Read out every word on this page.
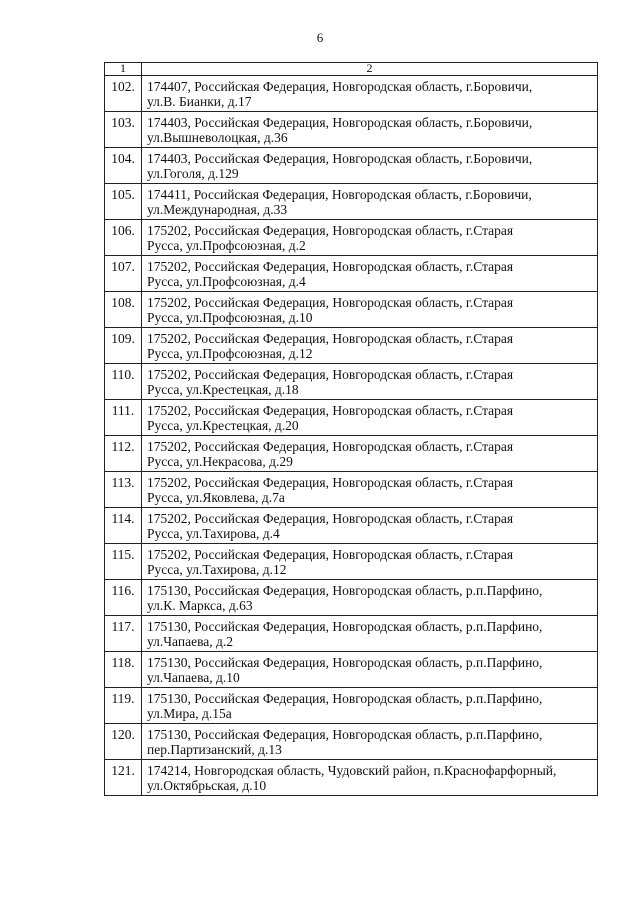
6
1	2
102.	174407, Российская Федерация, Новгородская область, г.Боровичи,
ул.В. Бианки, д.17

103.	174403, Российская Федерация, Новгородская область, г.Боровичи,
ул.Вышневолоцкая, д.36

104.	174403, Российская Федерация, Новгородская область, г.Боровичи,
ул.Гоголя, д.129

105.	174411, Российская Федерация, Новгородская область, г.Боровичи,
ул.Международная, д.33

106.	175202, Российская Федерация, Новгородская область, г.Старая
Русса, ул.Профсоюзная, д.2

107.	175202, Российская Федерация, Новгородская область, г.Старая
Русса, ул.Профсоюзная, д.4

108.	175202, Российская Федерация, Новгородская область, г.Старая
Русса, ул.Профсоюзная, д.10

109.	175202, Российская Федерация, Новгородская область, г.Старая
Русса, ул.Профсоюзная, д.12

110.	175202, Российская Федерация, Новгородская область, г.Старая
Русса, ул.Крестецкая, д.18

111.	175202, Российская Федерация, Новгородская область, г.Старая
Русса, ул.Крестецкая, д.20

112.	175202, Российская Федерация, Новгородская область, г.Старая
Русса, ул.Некрасова, д.29

113.	175202, Российская Федерация, Новгородская область, г.Старая
Русса, ул.Яковлева, д.7а

114.	175202, Российская Федерация, Новгородская область, г.Старая
Русса, ул.Тахирова, д.4

115.	175202, Российская Федерация, Новгородская область, г.Старая
Русса, ул.Тахирова, д.12

116.	175130, Российская Федерация, Новгородская область, р.п.Парфино,
ул.К. Маркса, д.63

117.	175130, Российская Федерация, Новгородская область, р.п.Парфино,
ул.Чапаева, д.2

118.	175130, Российская Федерация, Новгородская область, р.п.Парфино,
ул.Чапаева, д.10

119.	175130, Российская Федерация, Новгородская область, р.п.Парфино,
ул.Мира, д.15а

120.	175130, Российская Федерация, Новгородская область, р.п.Парфино,
пер.Партизанский, д.13

121.	174214, Новгородская область, Чудовский район, п.Краснофарфорный,
ул.Октябрьская, д.10
